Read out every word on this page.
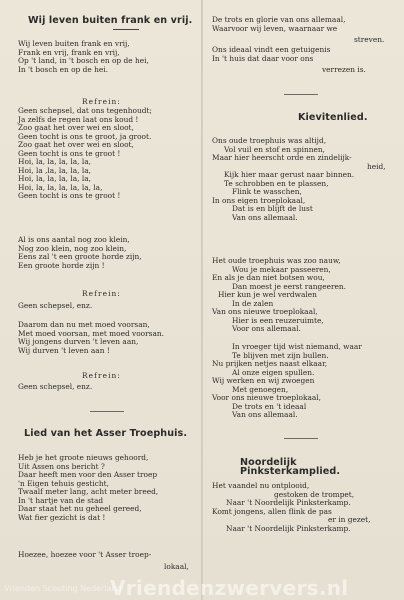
Wij leven buiten frank en vrij.
Wij leven buiten frank en vrij,
Frank en vrij, frank en vrij,
Op 't land, in 't bosch en op de hei,
In 't bosch en op de hei.
Refrein:
Geen schepsel, dat ons tegenhoudt;
Ja zelfs de regen laat ons koud !
Zoo gaat het over wei en sloot,
Geen tocht is ons te groot, ja groot.
Zoo gaat het over wei en sloot,
Geen tocht is ons te groot !
Hoi, la, la, la, la, la,
Hoi, la ,la, la, la, la,
Hoi, la, la, la, la, la,
Hoi, la, la, la, la, la, la,
Geen tocht is ons te groot !
Al is ons aantal nog zoo klein,
Nog zoo klein, nog zoo klein,
Eens zal 't een groote horde zijn,
Een groote horde zijn !
Refrein:
Geen schepsel, enz.
Daarom dan nu met moed voorsan,
Met moed voorsan, met moed voorsan.
Wij jongens durven 't leven aan,
Wij durven 't leven aan !
Refrein:
Geen schepsel, enz.
Lied van het Asser Troephuis.
Heb je het groote nieuws gehoord,
Uit Assen ons bericht ?
Daar heeft men voor den Asser troep
'n Eigen tehuis gesticht,
Twaalf meter lang, acht meter breed,
In 't hartje van de stad
Daar staat het nu geheel gereed,
Wat fier gezicht is dat !
Hoezee, hoezee voor 't Asser troep-
lokaal,
De trots en glorie van ons allemaal,
Waarvoor wij leven, waarnaar we
streven.
Ons ideaal vindt een getuigenis
In 't huis dat daar voor ons
verrezen is.
Kievitenlied.
Ons oude troephuis was altijd,
Vol vuil en stof en spinnen,
Maar hier heerscht orde en zindelijk-
heid,
Kijk hier maar gerust naar binnen.
Te schrobben en te plassen,
Flink te wasschen,
In ons eigen troeplokaal,
Dat is en blijft de lust
Van ons allemaal.
Het oude troephuis was zoo nauw,
Wou je mekaar passeeren,
En als je dan niet botsen wou,
Dan moest je eerst rangeeren.
Hier kun je wel verdwalen
In de zalen
Van ons nieuwe troeplokaal,
Hier is een reuzeruimte,
Voor ons allemaal.
In vroeger tijd wist niemand, waar
Te blijven met zijn bullen.
Nu prijken netjes naast elkaar,
Al onze eigen spullen.
Wij werken en wij zwoegen
Met genoegen,
Voor ons nieuwe troeplokaal,
De trots en 't ideaal
Van ons allemaal.
Noordelijk Pinksterkamplied.
Het vaandel nu ontplooid,
gestoken de trompet,
Naar 't Noordelijk Pinksterkamp.
Komt jongens, allen flink de pas
er in gezet,
Naar 't Noordelijk Pinksterkamp.
Vrienden Scouting Nederland
Vriendenzwervers.nl
